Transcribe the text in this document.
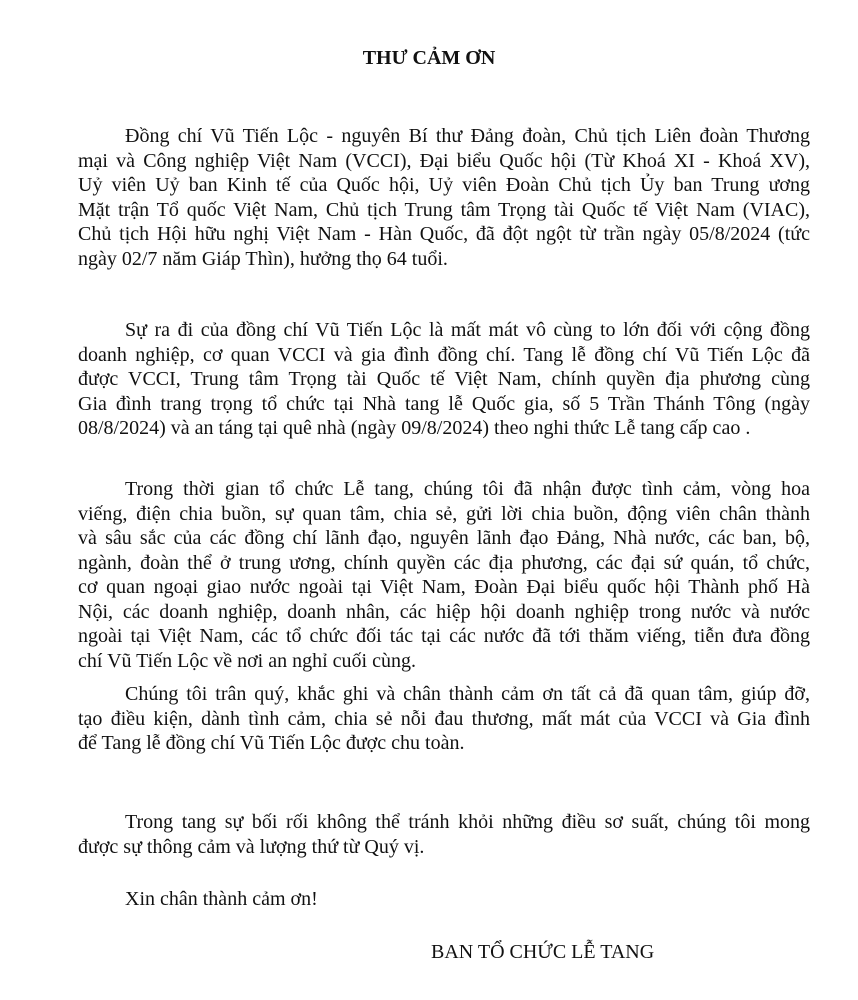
THƯ CẢM ƠN
Đồng chí Vũ Tiến Lộc - nguyên Bí thư Đảng đoàn, Chủ tịch Liên đoàn Thương
mại và Công nghiệp Việt Nam (VCCI), Đại biểu Quốc hội (Từ Khoá XI - Khoá XV),
Uỷ viên Uỷ ban Kinh tế của Quốc hội, Uỷ viên Đoàn Chủ tịch Ủy ban Trung ương
Mặt trận Tổ quốc Việt Nam, Chủ tịch Trung tâm Trọng tài Quốc tế Việt Nam (VIAC),
Chủ tịch Hội hữu nghị Việt Nam - Hàn Quốc, đã đột ngột từ trần ngày 05/8/2024 (tức
ngày 02/7 năm Giáp Thìn), hưởng thọ 64 tuổi.
Sự ra đi của đồng chí Vũ Tiến Lộc là mất mát vô cùng to lớn đối với cộng đồng
doanh nghiệp, cơ quan VCCI và gia đình đồng chí. Tang lễ đồng chí Vũ Tiến Lộc đã
được VCCI, Trung tâm Trọng tài Quốc tế Việt Nam, chính quyền địa phương cùng
Gia đình trang trọng tổ chức tại Nhà tang lễ Quốc gia, số 5 Trần Thánh Tông (ngày
08/8/2024) và an táng tại quê nhà (ngày 09/8/2024) theo nghi thức Lễ tang cấp cao .
Trong thời gian tổ chức Lễ tang, chúng tôi đã nhận được tình cảm, vòng hoa
viếng, điện chia buồn, sự quan tâm, chia sẻ, gửi lời chia buồn, động viên chân thành
và sâu sắc của các đồng chí lãnh đạo, nguyên lãnh đạo Đảng, Nhà nước, các ban, bộ,
ngành, đoàn thể ở trung ương, chính quyền các địa phương, các đại sứ quán, tổ chức,
cơ quan ngoại giao nước ngoài tại Việt Nam, Đoàn Đại biểu quốc hội Thành phố Hà
Nội, các doanh nghiệp, doanh nhân, các hiệp hội doanh nghiệp trong nước và nước
ngoài tại Việt Nam, các tổ chức đối tác tại các nước đã tới thăm viếng, tiễn đưa đồng
chí Vũ Tiến Lộc về nơi an nghỉ cuối cùng.
Chúng tôi trân quý, khắc ghi và chân thành cảm ơn tất cả đã quan tâm, giúp đỡ,
tạo điều kiện, dành tình cảm, chia sẻ nỗi đau thương, mất mát của VCCI và Gia đình
để Tang lễ đồng chí Vũ Tiến Lộc được chu toàn.
Trong tang sự bối rối không thể tránh khỏi những điều sơ suất, chúng tôi mong
được sự thông cảm và lượng thứ từ Quý vị.
Xin chân thành cảm ơn!
BAN TỔ CHỨC LỄ TANG
